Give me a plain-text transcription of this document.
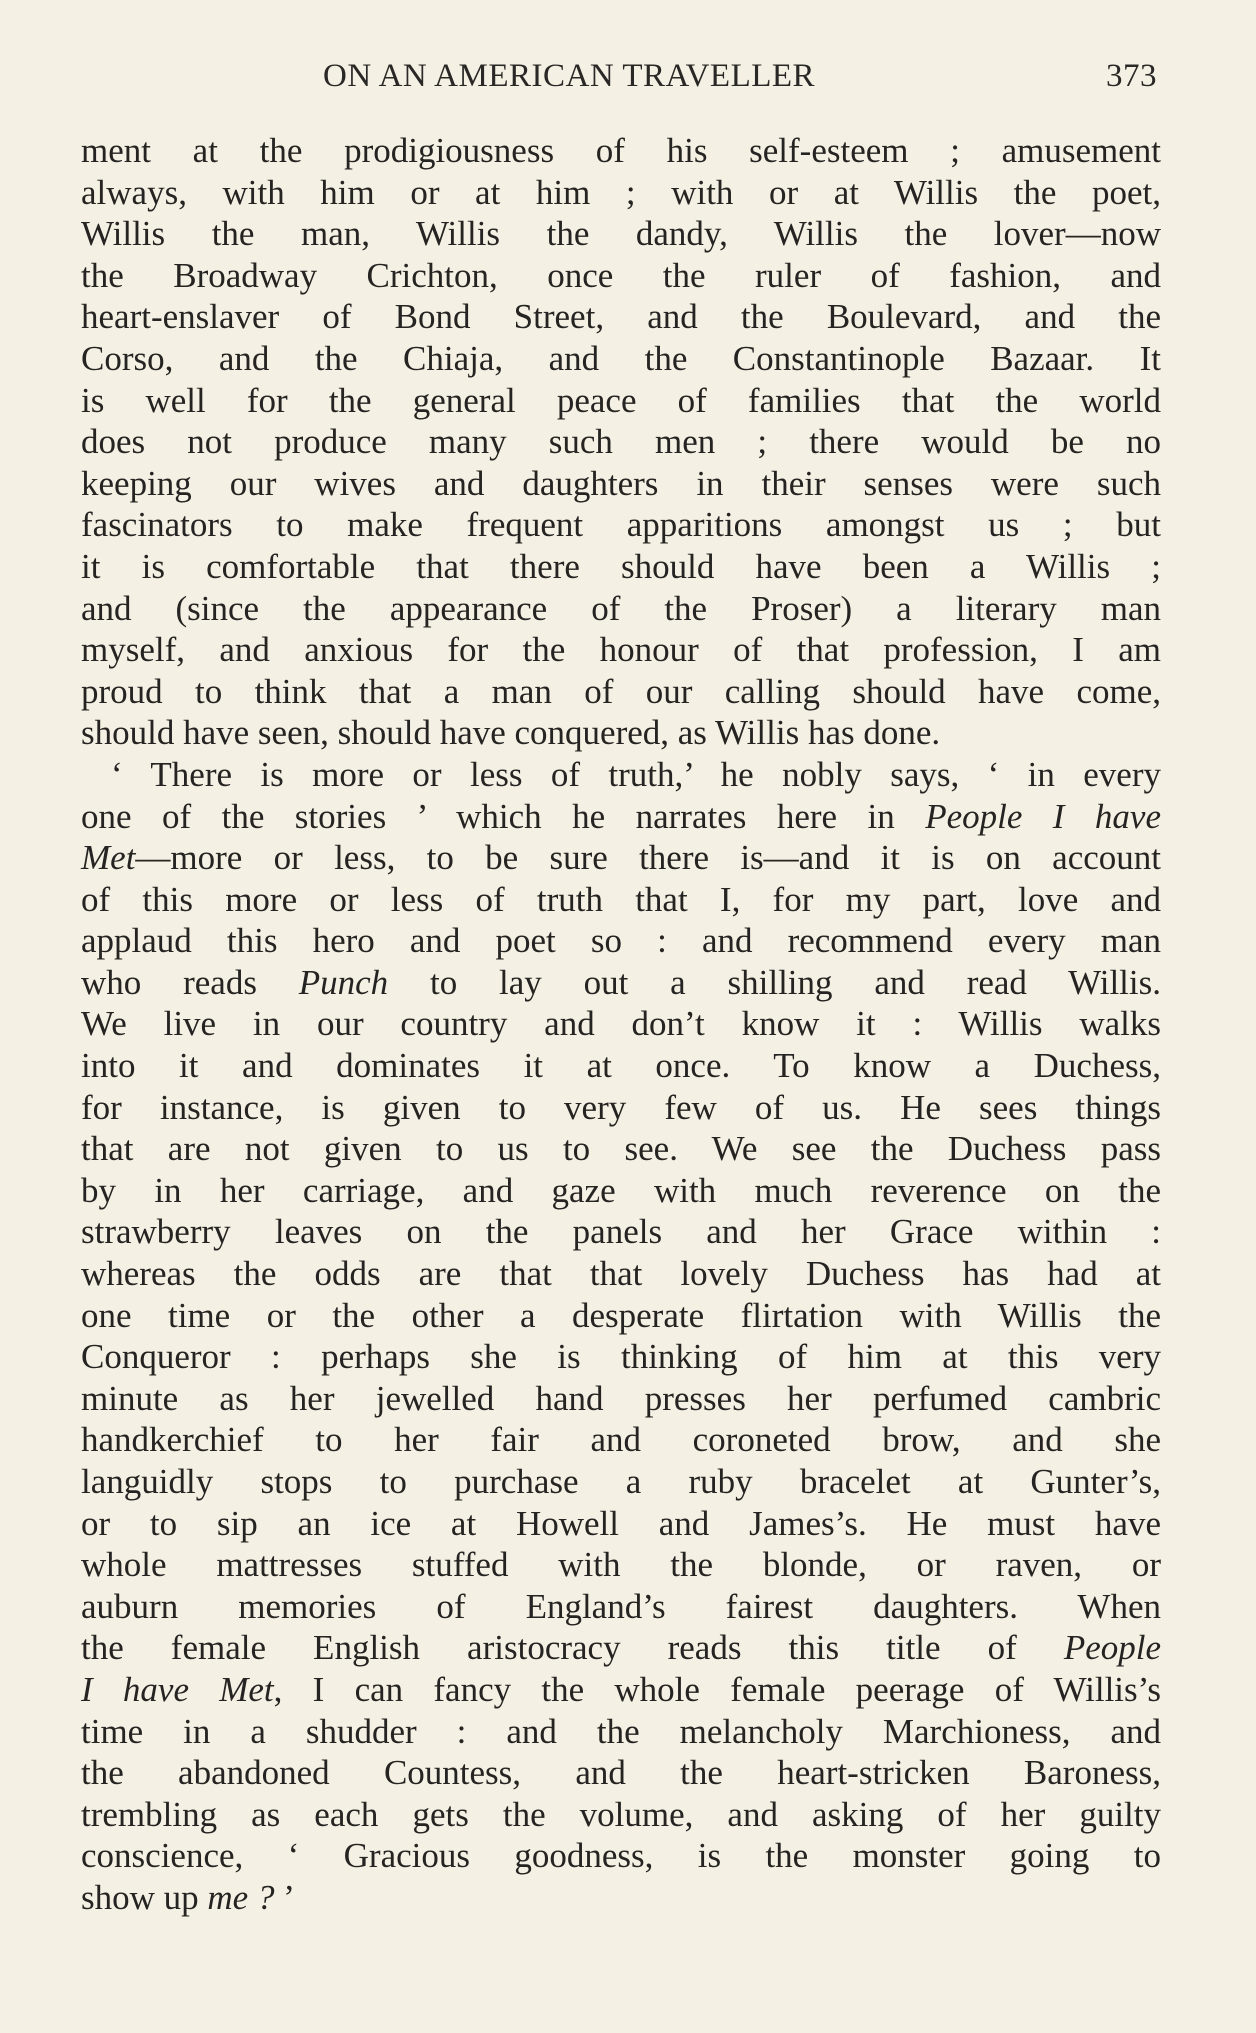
ON AN AMERICAN TRAVELLER	373
ment at the prodigiousness of his self-esteem ; amusement
always, with him or at him ; with or at Willis the poet,
Willis the man, Willis the dandy, Willis the lover—now
the Broadway Crichton, once the ruler of fashion, and
heart-enslaver of Bond Street, and the Boulevard, and the
Corso, and the Chiaja, and the Constantinople Bazaar. It
is well for the general peace of families that the world
does not produce many such men ; there would be no
keeping our wives and daughters in their senses were such
fascinators to make frequent apparitions amongst us ; but
it is comfortable that there should have been a Willis ;
and (since the appearance of the Proser) a literary man
myself, and anxious for the honour of that profession, I am
proud to think that a man of our calling should have come,
should have seen, should have conquered, as Willis has done.
‘ There is more or less of truth,’ he nobly says, ‘ in every
one of the stories ’ which he narrates here in People I have
Met—more or less, to be sure there is—and it is on account
of this more or less of truth that I, for my part, love and
applaud this hero and poet so : and recommend every man
who reads Punch to lay out a shilling and read Willis.
We live in our country and don’t know it : Willis walks
into it and dominates it at once. To know a Duchess,
for instance, is given to very few of us. He sees things
that are not given to us to see. We see the Duchess pass
by in her carriage, and gaze with much reverence on the
strawberry leaves on the panels and her Grace within :
whereas the odds are that that lovely Duchess has had at
one time or the other a desperate flirtation with Willis the
Conqueror : perhaps she is thinking of him at this very
minute as her jewelled hand presses her perfumed cambric
handkerchief to her fair and coroneted brow, and she
languidly stops to purchase a ruby bracelet at Gunter’s,
or to sip an ice at Howell and James’s. He must have
whole mattresses stuffed with the blonde, or raven, or
auburn memories of England’s fairest daughters. When
the female English aristocracy reads this title of People
I have Met, I can fancy the whole female peerage of Willis’s
time in a shudder : and the melancholy Marchioness, and
the abandoned Countess, and the heart-stricken Baroness,
trembling as each gets the volume, and asking of her guilty
conscience, ‘ Gracious goodness, is the monster going to
show up me ? ’
